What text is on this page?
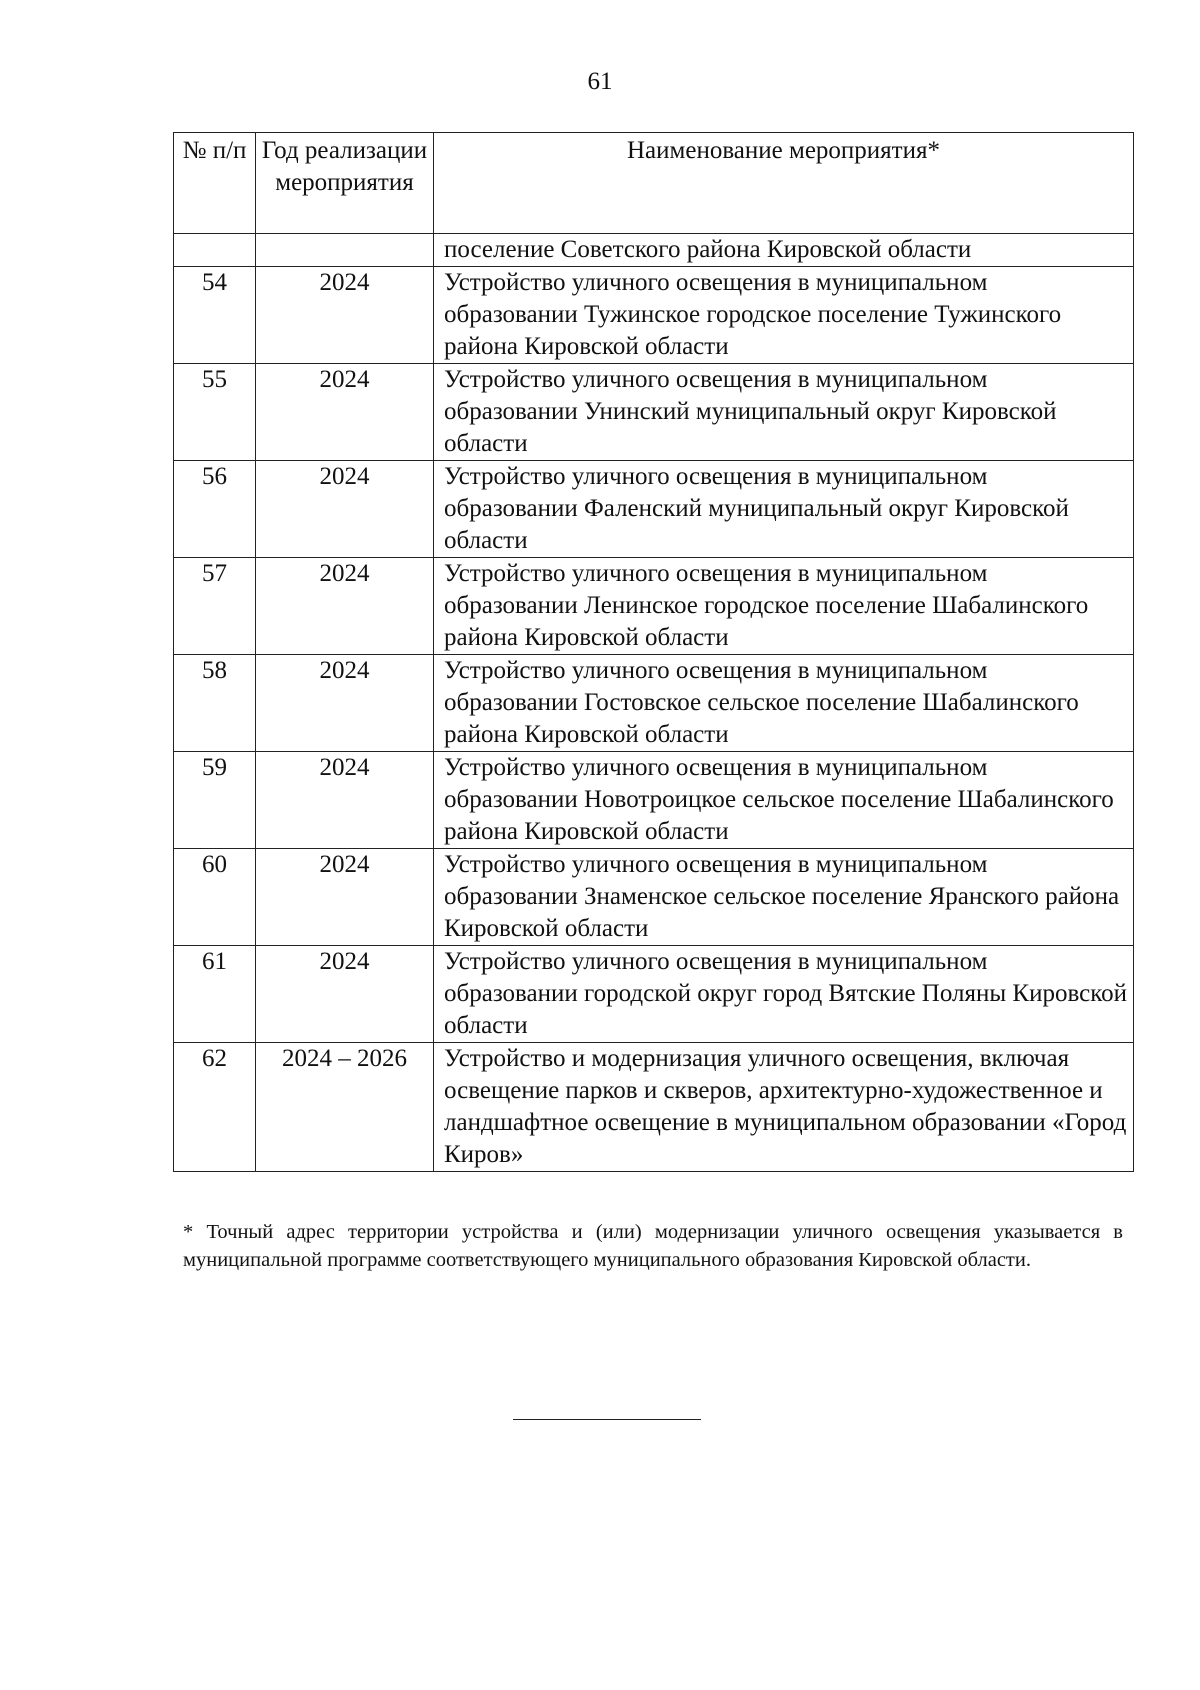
61
№ п/п	Год реализации мероприятия	Наименование мероприятия*
		поселение Советского района Кировской области
54	2024	Устройство уличного освещения в муниципальном образовании Тужинское городское поселение Тужинского района Кировской области
55	2024	Устройство уличного освещения в муниципальном образовании Унинский муниципальный округ Кировской области
56	2024	Устройство уличного освещения в муниципальном образовании Фаленский муниципальный округ Кировской области
57	2024	Устройство уличного освещения в муниципальном образовании Ленинское городское поселение Шабалинского района Кировской области
58	2024	Устройство уличного освещения в муниципальном образовании Гостовское сельское поселение Шабалинского района Кировской области
59	2024	Устройство уличного освещения в муниципальном образовании Новотроицкое сельское поселение Шабалинского района Кировской области
60	2024	Устройство уличного освещения в муниципальном образовании Знаменское сельское поселение Яранского района Кировской области
61	2024	Устройство уличного освещения в муниципальном образовании городской округ город Вятские Поляны Кировской области
62	2024 – 2026	Устройство и модернизация уличного освещения, включая освещение парков и скверов, архитектурно-художественное и ландшафтное освещение в муниципальном образовании «Город Киров»
* Точный адрес территории устройства и (или) модернизации уличного освещения указывается в муниципальной программе соответствующего муниципального образования Кировской области.
